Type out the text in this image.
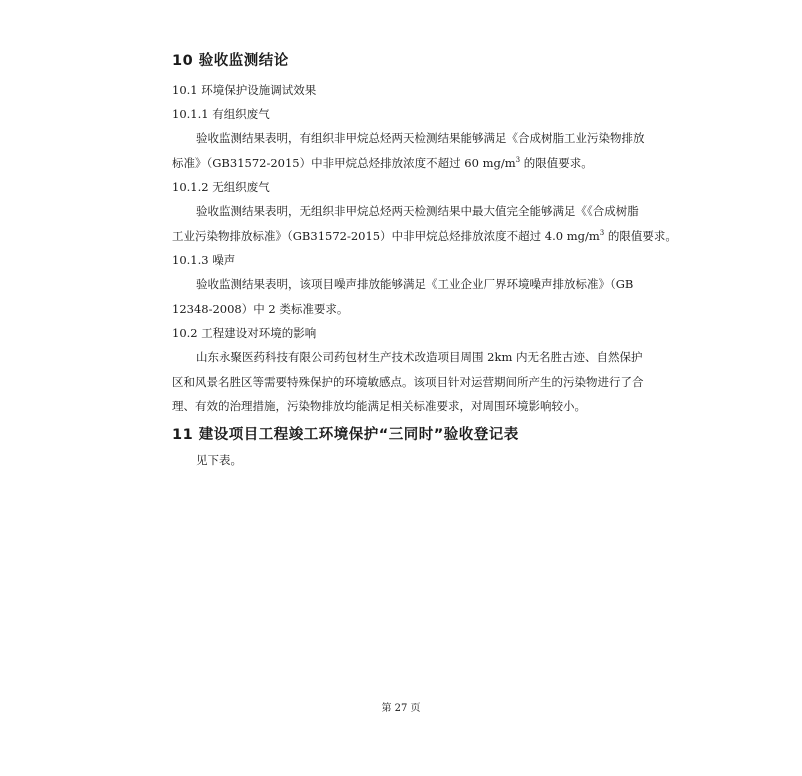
10 验收监测结论
10.1 环境保护设施调试效果
10.1.1 有组织废气
验收监测结果表明，有组织非甲烷总烃两天检测结果能够满足《合成树脂工业污染物排放
标准》（GB31572-2015）中非甲烷总烃排放浓度不超过 60 $mg/m^3$ 的限值要求。
10.1.2 无组织废气
验收监测结果表明，无组织非甲烷总烃两天检测结果中最大值完全能够满足《《合成树脂
工业污染物排放标准》（GB31572-2015）中非甲烷总烃排放浓度不超过 4.0 $mg/m^3$ 的限值要求。
10.1.3 噪声
验收监测结果表明，该项目噪声排放能够满足《工业企业厂界环境噪声排放标准》（GB
12348-2008）中 2 类标准要求。
10.2 工程建设对环境的影响
山东永聚医药科技有限公司药包材生产技术改造项目周围 2km 内无名胜古迹、自然保护
区和风景名胜区等需要特殊保护的环境敏感点。该项目针对运营期间所产生的污染物进行了合
理、有效的治理措施，污染物排放均能满足相关标准要求，对周围环境影响较小。
11 建设项目工程竣工环境保护“三同时”验收登记表
见下表。
第 27 页
